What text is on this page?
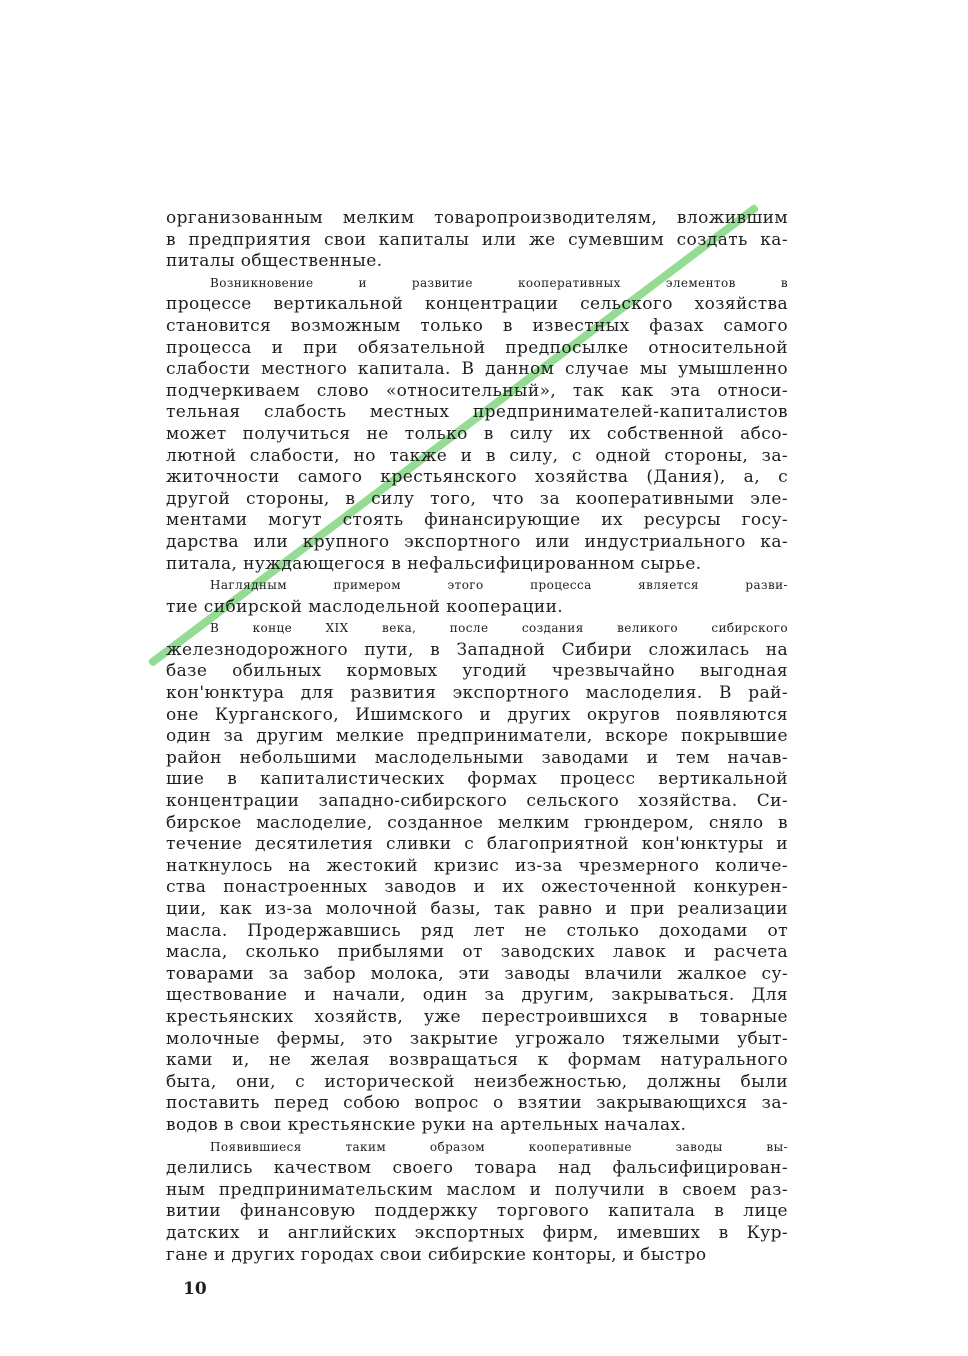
организованным мелким товаропроизводителям, вложившим
в предприятия свои капиталы или же сумевшим создать ка-
питалы общественные.
Возникновение и развитие кооперативных элементов в
процессе вертикальной концентрации сельского хозяйства
становится возможным только в известных фазах самого
процесса и при обязательной предпосылке относительной
слабости местного капитала. В данном случае мы умышленно
подчеркиваем слово «относительный», так как эта относи-
тельная слабость местных предпринимателей-капиталистов
может получиться не только в силу их собственной абсо-
лютной слабости, но также и в силу, с одной стороны, за-
житочности самого крестьянского хозяйства (Дания), а, с
другой стороны, в силу того, что за кооперативными эле-
ментами могут стоять финансирующие их ресурсы госу-
дарства или крупного экспортного или индустриального ка-
питала, нуждающегося в нефальсифицированном сырье.
Наглядным примером этого процесса является разви-
тие сибирской маслодельной кооперации.
В конце XIX века, после создания великого сибирского
железнодорожного пути, в Западной Сибири сложилась на
базе обильных кормовых угодий чрезвычайно выгодная
кон'юнктура для развития экспортного маслоделия. В рай-
оне Курганского, Ишимского и других округов появляются
один за другим мелкие предприниматели, вскоре покрывшие
район небольшими маслодельными заводами и тем начав-
шие в капиталистических формах процесс вертикальной
концентрации западно-сибирского сельского хозяйства. Си-
бирское маслоделие, созданное мелким грюндером, сняло в
течение десятилетия сливки с благоприятной кон'юнктуры и
наткнулось на жестокий кризис из-за чрезмерного количе-
ства понастроенных заводов и их ожесточенной конкурен-
ции, как из-за молочной базы, так равно и при реализации
масла. Продержавшись ряд лет не столько доходами от
масла, сколько прибылями от заводских лавок и расчета
товарами за забор молока, эти заводы влачили жалкое су-
ществование и начали, один за другим, закрываться. Для
крестьянских хозяйств, уже перестроившихся в товарные
молочные фермы, это закрытие угрожало тяжелыми убыт-
ками и, не желая возвращаться к формам натурального
быта, они, с исторической неизбежностью, должны были
поставить перед собою вопрос о взятии закрывающихся за-
водов в свои крестьянские руки на артельных началах.
Появившиеся таким образом кооперативные заводы вы-
делились качеством своего товара над фальсифицирован-
ным предпринимательским маслом и получили в своем раз-
витии финансовую поддержку торгового капитала в лице
датских и английских экспортных фирм, имевших в Кур-
гане и других городах свои сибирские конторы, и быстро
10
